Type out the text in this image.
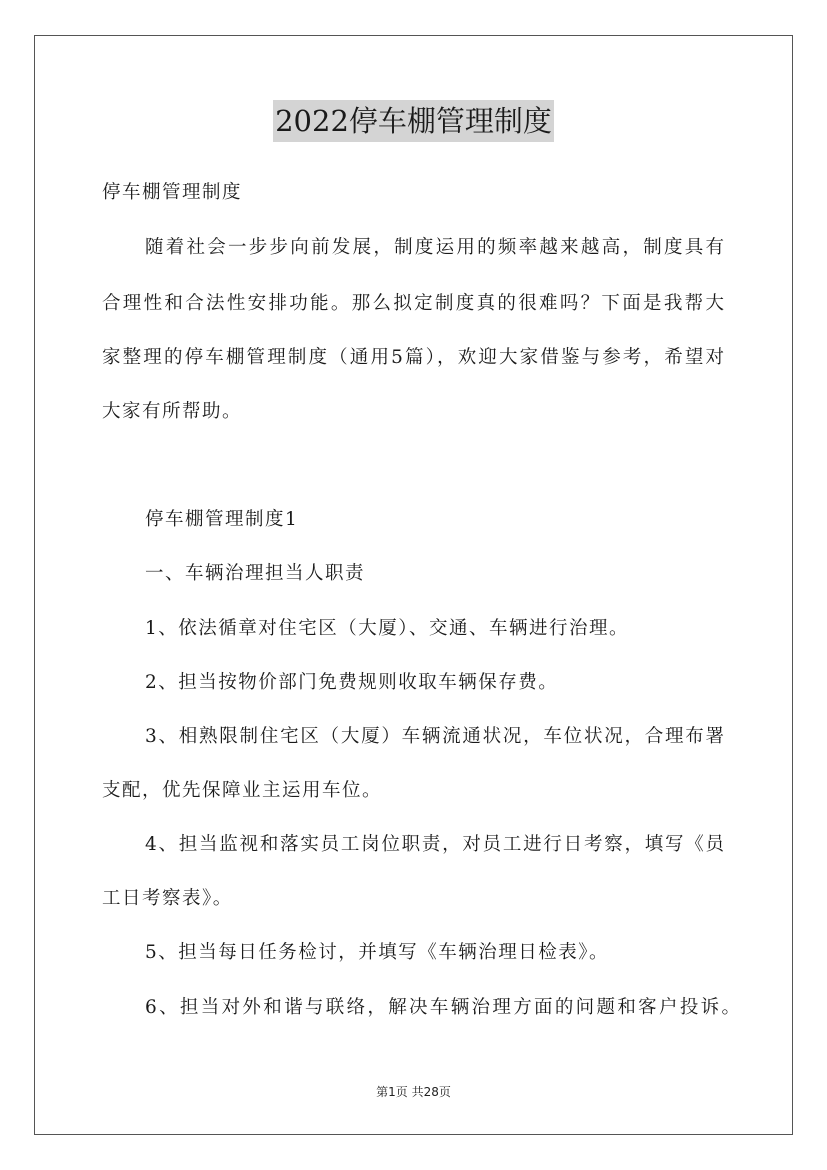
2022停车棚管理制度
停车棚管理制度
随着社会一步步向前发展，制度运用的频率越来越高，制度具有
合理性和合法性安排功能。那么拟定制度真的很难吗？下面是我帮大
家整理的停车棚管理制度（通用5篇），欢迎大家借鉴与参考，希望对
大家有所帮助。
停车棚管理制度1
一、车辆治理担当人职责
1、依法循章对住宅区（大厦）、交通、车辆进行治理。
2、担当按物价部门免费规则收取车辆保存费。
3、相熟限制住宅区（大厦）车辆流通状况，车位状况，合理布署
支配，优先保障业主运用车位。
4、担当监视和落实员工岗位职责，对员工进行日考察，填写《员
工日考察表》。
5、担当每日任务检讨，并填写《车辆治理日检表》。
6、担当对外和谐与联络，解决车辆治理方面的问题和客户投诉。
第1页 共28页
